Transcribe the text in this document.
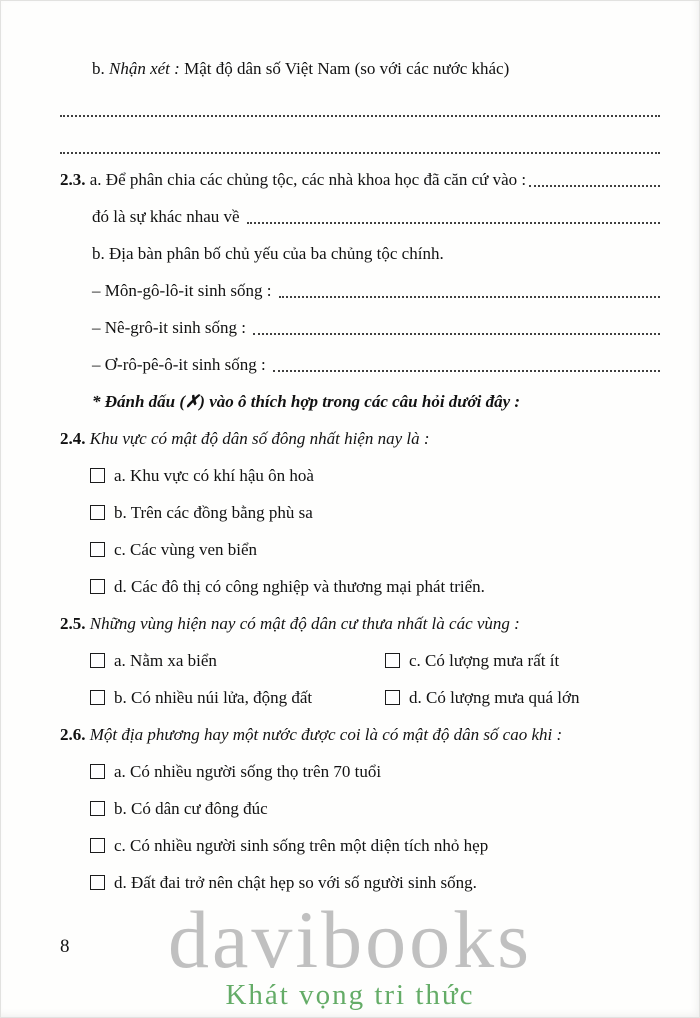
b. Nhận xét : Mật độ dân số Việt Nam (so với các nước khác)
2.3. a. Để phân chia các chủng tộc, các nhà khoa học đã căn cứ vào :
đó là sự khác nhau về
b. Địa bàn phân bố chủ yếu của ba chủng tộc chính.
– Môn-gô-lô-it sinh sống :
– Nê-grô-it sinh sống :
– Ơ-rô-pê-ô-it sinh sống :
* Đánh dấu (✗) vào ô thích hợp trong các câu hỏi dưới đây :
2.4. Khu vực có mật độ dân số đông nhất hiện nay là :
a. Khu vực có khí hậu ôn hoà
b. Trên các đồng bằng phù sa
c. Các vùng ven biển
d. Các đô thị có công nghiệp và thương mại phát triển.
2.5. Những vùng hiện nay có mật độ dân cư thưa nhất là các vùng :
a. Nằm xa biển	c. Có lượng mưa rất ít
b. Có nhiều núi lửa, động đất	d. Có lượng mưa quá lớn
2.6. Một địa phương hay một nước được coi là có mật độ dân số cao khi :
a. Có nhiều người sống thọ trên 70 tuổi
b. Có dân cư đông đúc
c. Có nhiều người sinh sống trên một diện tích nhỏ hẹp
d. Đất đai trở nên chật hẹp so với số người sinh sống.
8	davibooks
Khát vọng tri thức
